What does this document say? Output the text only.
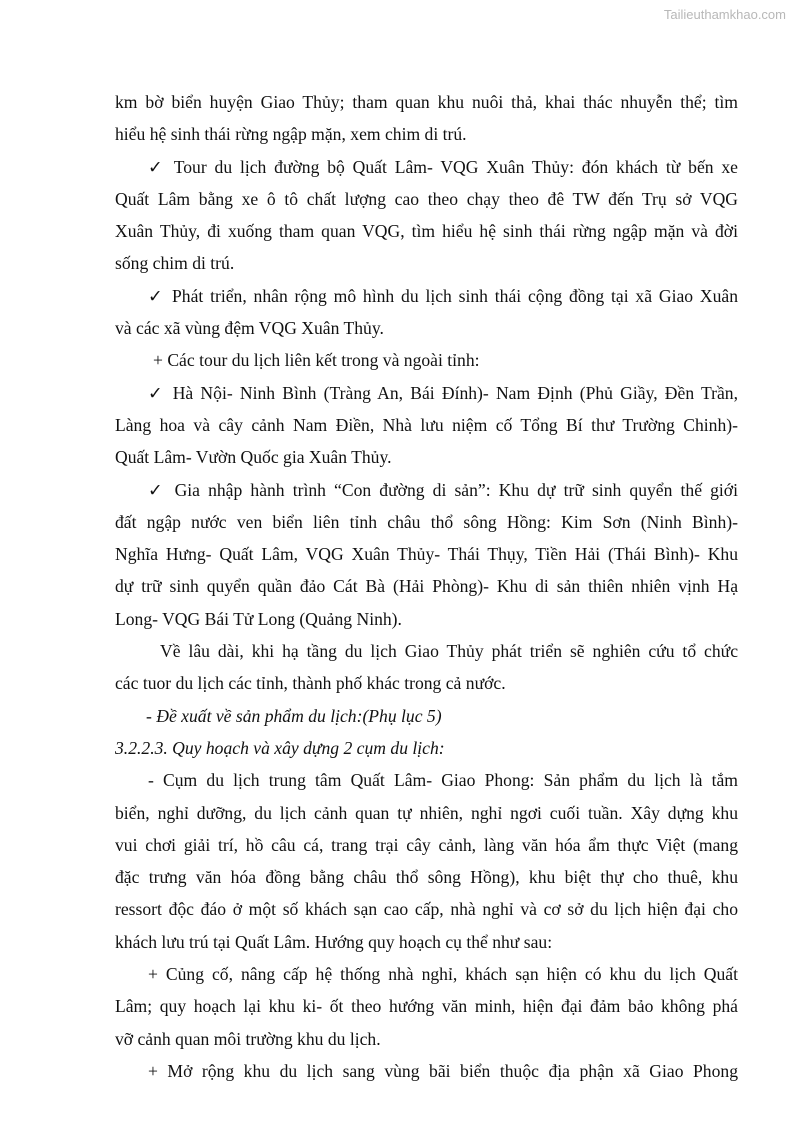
Tailieuthamkhao.com
km bờ biển huyện Giao Thủy; tham quan khu nuôi thả, khai thác nhuyễn thể; tìm
hiểu hệ sinh thái rừng ngập mặn, xem chim di trú.
✓ Tour du lịch đường bộ Quất Lâm- VQG Xuân Thủy: đón khách từ bến xe
Quất Lâm bằng xe ô tô chất lượng cao theo chạy theo đê TW đến Trụ sở VQG
Xuân Thủy, đi xuống tham quan VQG, tìm hiểu hệ sinh thái rừng ngập mặn và đời
sống chim di trú.
✓ Phát triển, nhân rộng mô hình du lịch sinh thái cộng đồng tại xã Giao Xuân
và các xã vùng đệm VQG Xuân Thủy.
+ Các tour du lịch liên kết trong và ngoài tỉnh:
✓ Hà Nội- Ninh Bình (Tràng An, Bái Đính)- Nam Định (Phủ Giầy, Đền Trần,
Làng hoa và cây cảnh Nam Điền, Nhà lưu niệm cố Tổng Bí thư Trường Chinh)-
Quất Lâm- Vườn Quốc gia Xuân Thủy.
✓ Gia nhập hành trình “Con đường di sản”: Khu dự trữ sinh quyển thế giới
đất ngập nước ven biển liên tỉnh châu thổ sông Hồng: Kim Sơn (Ninh Bình)-
Nghĩa Hưng- Quất Lâm, VQG Xuân Thủy- Thái Thụy, Tiền Hải (Thái Bình)- Khu
dự trữ sinh quyển quần đảo Cát Bà (Hải Phòng)- Khu di sản thiên nhiên vịnh Hạ
Long- VQG Bái Tử Long (Quảng Ninh).
Về lâu dài, khi hạ tầng du lịch Giao Thủy phát triển sẽ nghiên cứu tổ chức
các tuor du lịch các tỉnh, thành phố khác trong cả nước.
- Đề xuất về sản phẩm du lịch:(Phụ lục 5)
3.2.2.3. Quy hoạch và xây dựng 2 cụm du lịch:
- Cụm du lịch trung tâm Quất Lâm- Giao Phong: Sản phẩm du lịch là tắm
biển, nghỉ dưỡng, du lịch cảnh quan tự nhiên, nghỉ ngơi cuối tuần. Xây dựng khu
vui chơi giải trí, hồ câu cá, trang trại cây cảnh, làng văn hóa ẩm thực Việt (mang
đặc trưng văn hóa đồng bằng châu thổ sông Hồng), khu biệt thự cho thuê, khu
ressort độc đáo ở một số khách sạn cao cấp, nhà nghỉ và cơ sở du lịch hiện đại cho
khách lưu trú tại Quất Lâm. Hướng quy hoạch cụ thể như sau:
+ Củng cố, nâng cấp hệ thống nhà nghỉ, khách sạn hiện có khu du lịch Quất
Lâm; quy hoạch lại khu ki- ốt theo hướng văn minh, hiện đại đảm bảo không phá
vỡ cảnh quan môi trường khu du lịch.
+ Mở rộng khu du lịch sang vùng bãi biển thuộc địa phận xã Giao Phong
